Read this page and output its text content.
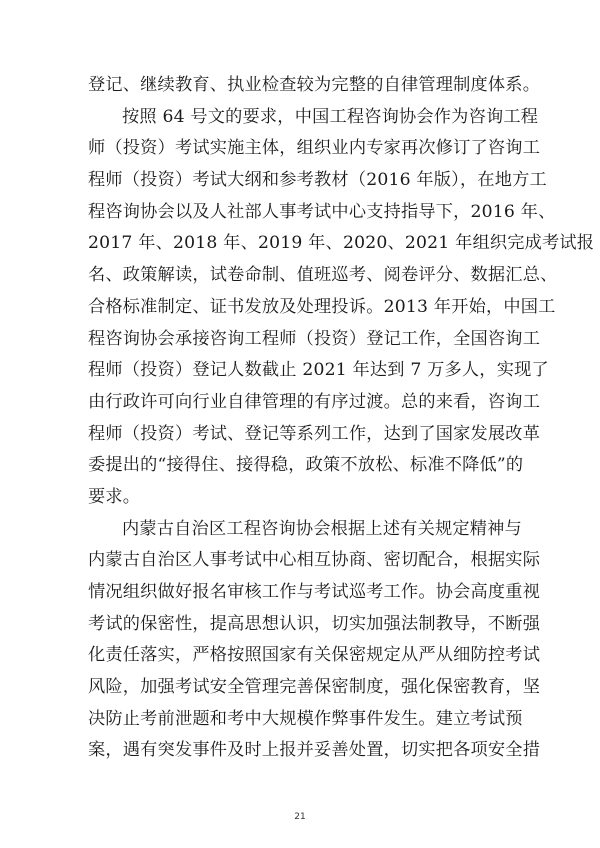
登记、继续教育、执业检查较为完整的自律管理制度体系。
按照 64 号文的要求，中国工程咨询协会作为咨询工程
师（投资）考试实施主体，组织业内专家再次修订了咨询工
程师（投资）考试大纲和参考教材（2016 年版），在地方工
程咨询协会以及人社部人事考试中心支持指导下，2016 年、
2017 年、2018 年、2019 年、2020、2021 年组织完成考试报
名、政策解读，试卷命制、值班巡考、阅卷评分、数据汇总、
合格标准制定、证书发放及处理投诉。2013 年开始，中国工
程咨询协会承接咨询工程师（投资）登记工作，全国咨询工
程师（投资）登记人数截止 2021 年达到 7 万多人，实现了
由行政许可向行业自律管理的有序过渡。总的来看，咨询工
程师（投资）考试、登记等系列工作，达到了国家发展改革
委提出的“接得住、接得稳，政策不放松、标准不降低”的
要求。
内蒙古自治区工程咨询协会根据上述有关规定精神与
内蒙古自治区人事考试中心相互协商、密切配合，根据实际
情况组织做好报名审核工作与考试巡考工作。协会高度重视
考试的保密性，提高思想认识，切实加强法制教导，不断强
化责任落实，严格按照国家有关保密规定从严从细防控考试
风险，加强考试安全管理完善保密制度，强化保密教育，坚
决防止考前泄题和考中大规模作弊事件发生。建立考试预
案，遇有突发事件及时上报并妥善处置，切实把各项安全措
21
